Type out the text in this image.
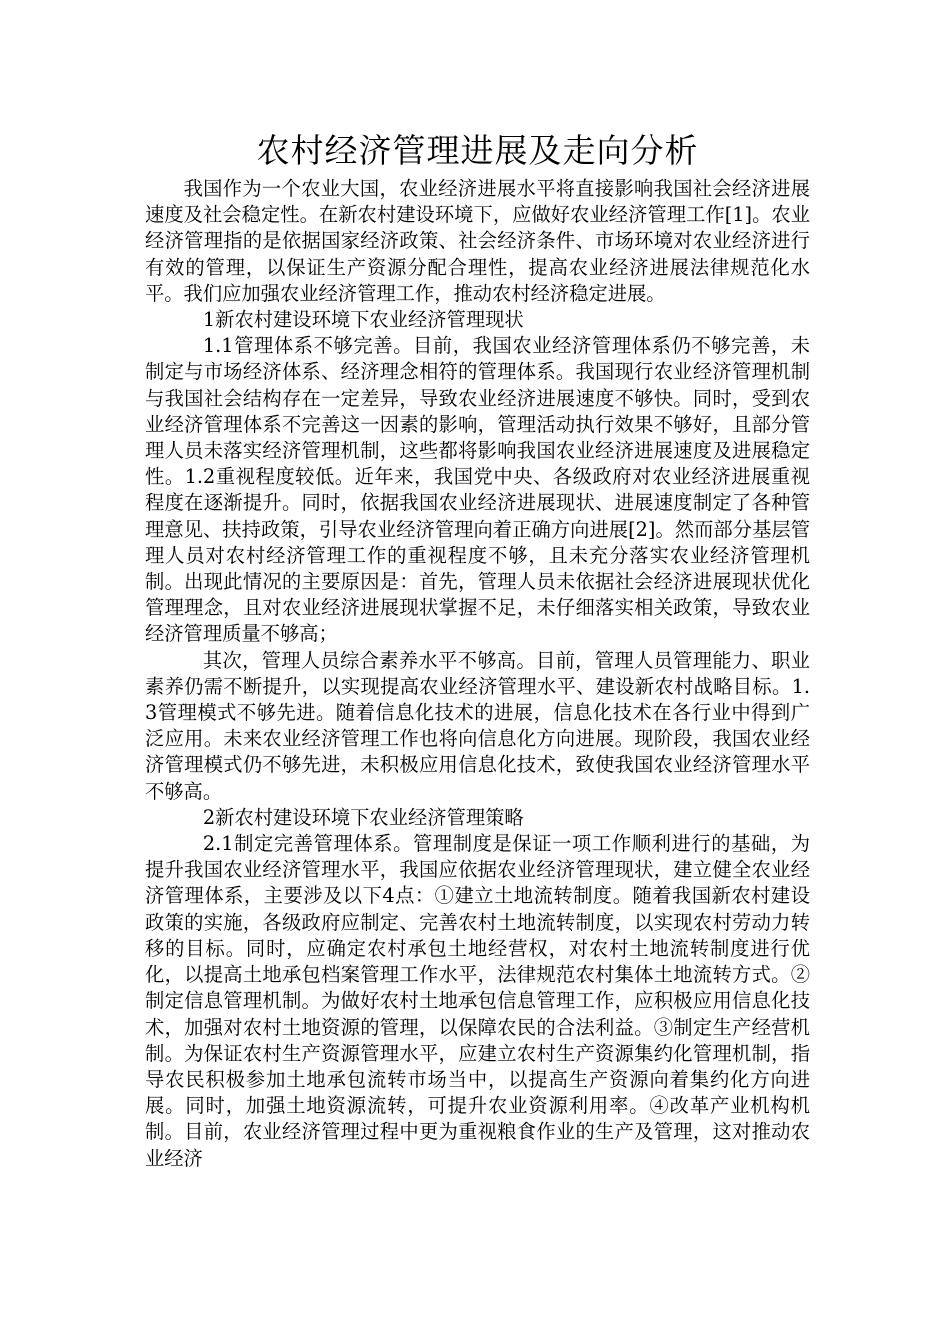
农村经济管理进展及走向分析

我国作为一个农业大国，农业经济进展水平将直接影响我国社会经济进展速度及社会稳定性。在新农村建设环境下，应做好农业经济管理工作[1]。农业经济管理指的是依据国家经济政策、社会经济条件、市场环境对农业经济进行有效的管理，以保证生产资源分配合理性，提高农业经济进展法律规范化水平。我们应加强农业经济管理工作，推动农村经济稳定进展。

1新农村建设环境下农业经济管理现状

1.1管理体系不够完善。目前，我国农业经济管理体系仍不够完善，未制定与市场经济体系、经济理念相符的管理体系。我国现行农业经济管理机制与我国社会结构存在一定差异，导致农业经济进展速度不够快。同时，受到农业经济管理体系不完善这一因素的影响，管理活动执行效果不够好，且部分管理人员未落实经济管理机制，这些都将影响我国农业经济进展速度及进展稳定性。1.2重视程度较低。近年来，我国党中央、各级政府对农业经济进展重视程度在逐渐提升。同时，依据我国农业经济进展现状、进展速度制定了各种管理意见、扶持政策，引导农业经济管理向着正确方向进展[2]。然而部分基层管理人员对农村经济管理工作的重视程度不够，且未充分落实农业经济管理机制。出现此情况的主要原因是：首先，管理人员未依据社会经济进展现状优化管理理念，且对农业经济进展现状掌握不足，未仔细落实相关政策，导致农业经济管理质量不够高；

其次，管理人员综合素养水平不够高。目前，管理人员管理能力、职业素养仍需不断提升，以实现提高农业经济管理水平、建设新农村战略目标。1.3管理模式不够先进。随着信息化技术的进展，信息化技术在各行业中得到广泛应用。未来农业经济管理工作也将向信息化方向进展。现阶段，我国农业经济管理模式仍不够先进，未积极应用信息化技术，致使我国农业经济管理水平不够高。

2新农村建设环境下农业经济管理策略

2.1制定完善管理体系。管理制度是保证一项工作顺利进行的基础，为提升我国农业经济管理水平，我国应依据农业经济管理现状，建立健全农业经济管理体系，主要涉及以下4点：①建立土地流转制度。随着我国新农村建设政策的实施，各级政府应制定、完善农村土地流转制度，以实现农村劳动力转移的目标。同时，应确定农村承包土地经营权，对农村土地流转制度进行优化，以提高土地承包档案管理工作水平，法律规范农村集体土地流转方式。②制定信息管理机制。为做好农村土地承包信息管理工作，应积极应用信息化技术，加强对农村土地资源的管理，以保障农民的合法利益。③制定生产经营机制。为保证农村生产资源管理水平，应建立农村生产资源集约化管理机制，指导农民积极参加土地承包流转市场当中，以提高生产资源向着集约化方向进展。同时，加强土地资源流转，可提升农业资源利用率。④改革产业机构机制。目前，农业经济管理过程中更为重视粮食作业的生产及管理，这对推动农业经济
